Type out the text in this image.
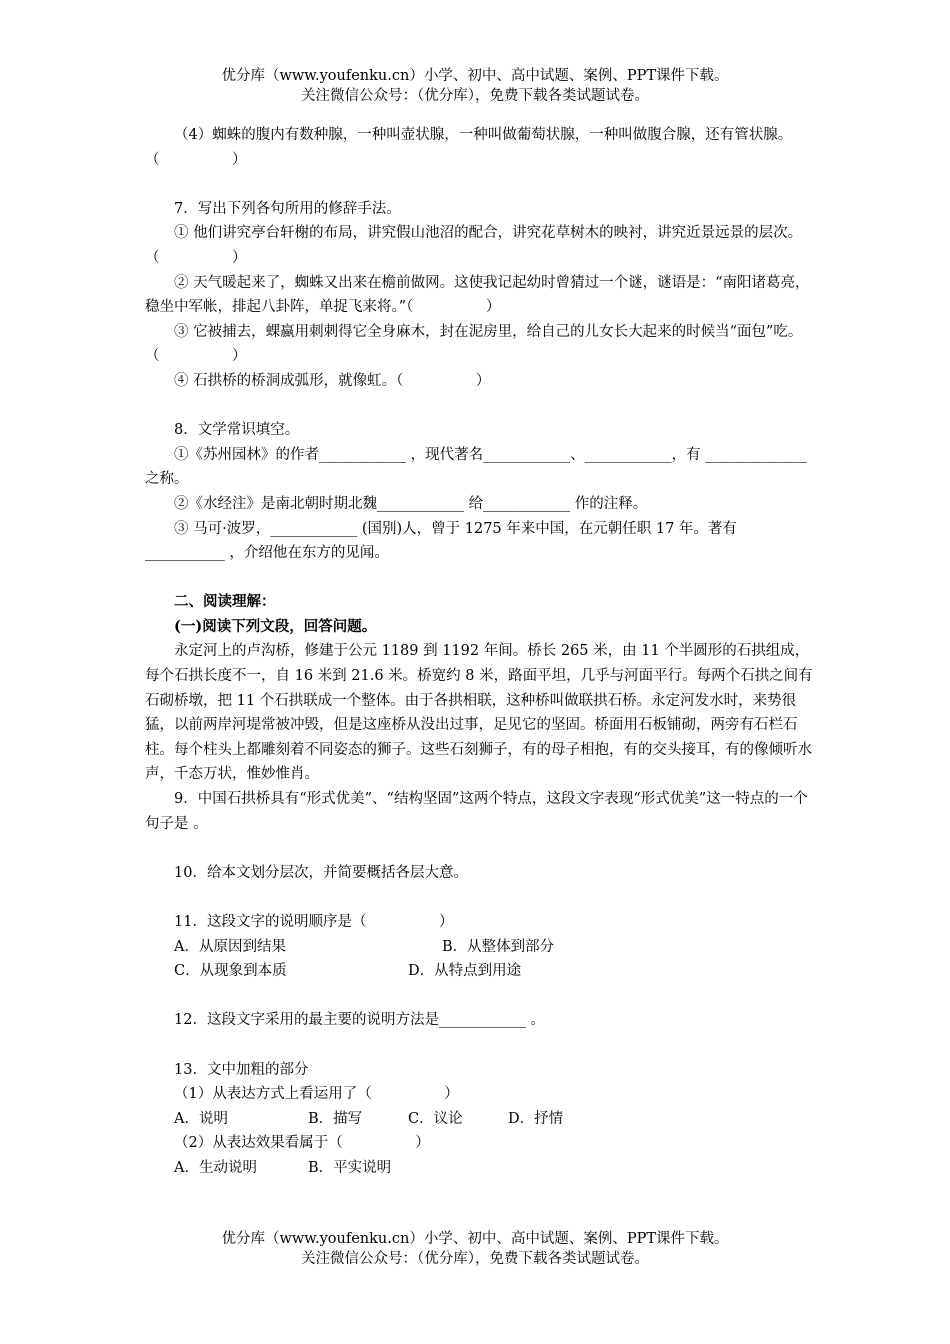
优分库（www.youfenku.cn）小学、初中、高中试题、案例、PPT课件下载。
关注微信公众号：（优分库），免费下载各类试题试卷。

（4）蜘蛛的腹内有数种腺，一种叫壶状腺，一种叫做葡萄状腺，一种叫做腹合腺，还有管状腺。（　　　　　）

7．写出下列各句所用的修辞手法。

① 他们讲究亭台轩榭的布局，讲究假山池沼的配合，讲究花草树木的映衬，讲究近景远景的层次。（　　　　　）

② 天气暖起来了，蜘蛛又出来在檐前做网。这使我记起幼时曾猜过一个谜，谜语是：“南阳诸葛亮，稳坐中军帐，排起八卦阵，单捉飞来将。”（　　　　　）

③ 它被捕去，蜾蠃用刺刺得它全身麻木，封在泥房里，给自己的儿女长大起来的时候当“面包”吃。（　　　　　）

④ 石拱桥的桥洞成弧形，就像虹。（　　　　　）

8．文学常识填空。

①《苏州园林》的作者____________ ，现代著名____________、____________，有 ______________ 之称。

②《水经注》是南北朝时期北魏____________ 给____________ 作的注释。

③ 马可·波罗，____________ (国别)人，曾于 1275 年来中国，在元朝任职 17 年。著有 ___________ ，介绍他在东方的见闻。

二、阅读理解：

(一)阅读下列文段，回答问题。

永定河上的卢沟桥，修建于公元 1189 到 1192 年间。桥长 265 米，由 11 个半圆形的石拱组成，每个石拱长度不一，自 16 米到 21.6 米。桥宽约 8 米，路面平坦，几乎与河面平行。每两个石拱之间有石砌桥墩，把 11 个石拱联成一个整体。由于各拱相联，这种桥叫做联拱石桥。永定河发水时，来势很猛，以前两岸河堤常被冲毁，但是这座桥从没出过事，足见它的坚固。桥面用石板铺砌，两旁有石栏石柱。每个柱头上都雕刻着不同姿态的狮子。这些石刻狮子，有的母子相抱，有的交头接耳，有的像倾听水声，千态万状，惟妙惟肖。

9．中国石拱桥具有“形式优美”、“结构坚固”这两个特点，这段文字表现“形式优美”这一特点的一个句子是 。

10．给本文划分层次，并简要概括各层大意。

11．这段文字的说明顺序是（　　　　　）

A．从原因到结果	B．从整体到部分
C．从现象到本质	D．从特点到用途

12．这段文字采用的最主要的说明方法是____________ 。

13．文中加粗的部分

（1）从表达方式上看运用了（　　　　　）

A．说明	B．描写	C．议论	D．抒情

（2）从表达效果看属于（　　　　　）

A．生动说明	B．平实说明
优分库（www.youfenku.cn）小学、初中、高中试题、案例、PPT课件下载。
关注微信公众号：（优分库），免费下载各类试题试卷。
